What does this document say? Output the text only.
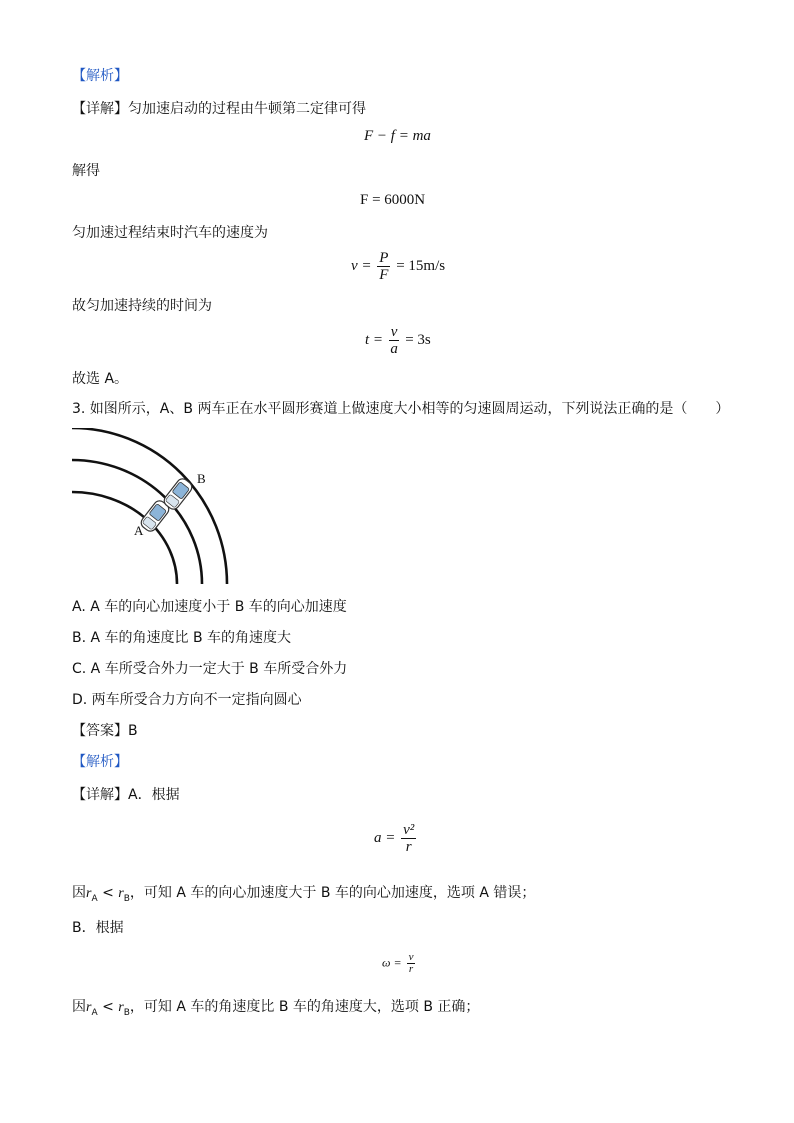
【解析】
【详解】匀加速启动的过程由牛顿第二定律可得
F − f = ma
解得
F = 6000N
匀加速过程结束时汽车的速度为
$v = \frac{P}{F} = 15m/s$
故匀加速持续的时间为
$t = \frac{v}{a} = 3s$
故选 A。
3. 如图所示，A、B 两车正在水平圆形赛道上做速度大小相等的匀速圆周运动，下列说法正确的是（　　）
A
B
A. A 车的向心加速度小于 B 车的向心加速度
B. A 车的角速度比 B 车的角速度大
C. A 车所受合外力一定大于 B 车所受合外力
D. 两车所受合力方向不一定指向圆心
【答案】B
【解析】
【详解】A．根据
$a = \frac{\text{v²}}{r}$
因$r_A < r_B$，可知 A 车的向心加速度大于 B 车的向心加速度，选项 A 错误；
B．根据
$\omega = \frac{v}{r}$
因$r_A < r_B$，可知 A 车的角速度比 B 车的角速度大，选项 B 正确；
